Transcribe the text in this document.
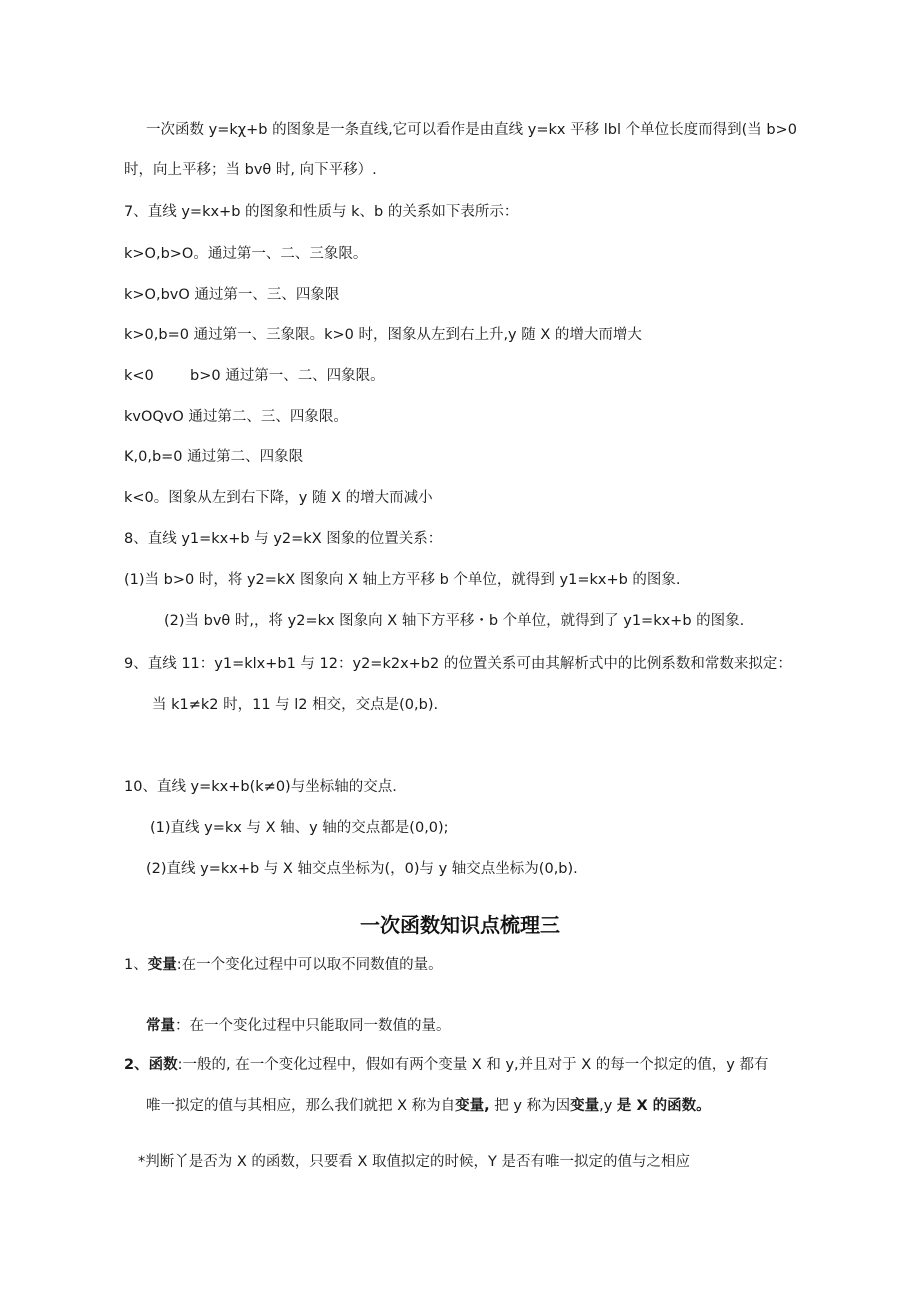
一次函数 y=kχ+b 的图象是一条直线,它可以看作是由直线 y=kx 平移 lbl 个单位长度而得到(当 b>0
时，向上平移；当 bvθ 时, 向下平移）.
7、直线 y=kx+b 的图象和性质与 k、b 的关系如下表所示：
k>O,b>O。通过第一、二、三象限。
k>O,bvO 通过第一、三、四象限
k>0,b=0 通过第一、三象限。k>0 时，图象从左到右上升,y 随 X 的增大而增大
k<0 b>0 通过第一、二、四象限。
kvOQvO 通过第二、三、四象限。
K,0,b=0 通过第二、四象限
k<0。图象从左到右下降，y 随 X 的增大而减小
8、直线 y1=kx+b 与 y2=kX 图象的位置关系：
(1)当 b>0 时，将 y2=kX 图象向 X 轴上方平移 b 个单位，就得到 y1=kx+b 的图象.
(2)当 bvθ 时,，将 y2=kx 图象向 X 轴下方平移・b 个单位，就得到了 y1=kx+b 的图象.
9、直线 11：y1=klx+b1 与 12：y2=k2x+b2 的位置关系可由其解析式中的比例系数和常数来拟定：
当 k1≠k2 时，11 与 l2 相交，交点是(0,b).
10、直线 y=kx+b(k≠0)与坐标轴的交点.
(1)直线 y=kx 与 X 轴、y 轴的交点都是(0,0);
(2)直线 y=kx+b 与 X 轴交点坐标为(，0)与 y 轴交点坐标为(0,b).
一次函数知识点梳理三
1、变量:在一个变化过程中可以取不同数值的量。
常量：在一个变化过程中只能取同一数值的量。
2、函数:一般的, 在一个变化过程中，假如有两个变量 X 和 y,并且对于 X 的每一个拟定的值，y 都有
唯一拟定的值与其相应，那么我们就把 X 称为自变量, 把 y 称为因变量,y 是 X 的函数。
*判断丫是否为 X 的函数，只要看 X 取值拟定的时候，Y 是否有唯一拟定的值与之相应
